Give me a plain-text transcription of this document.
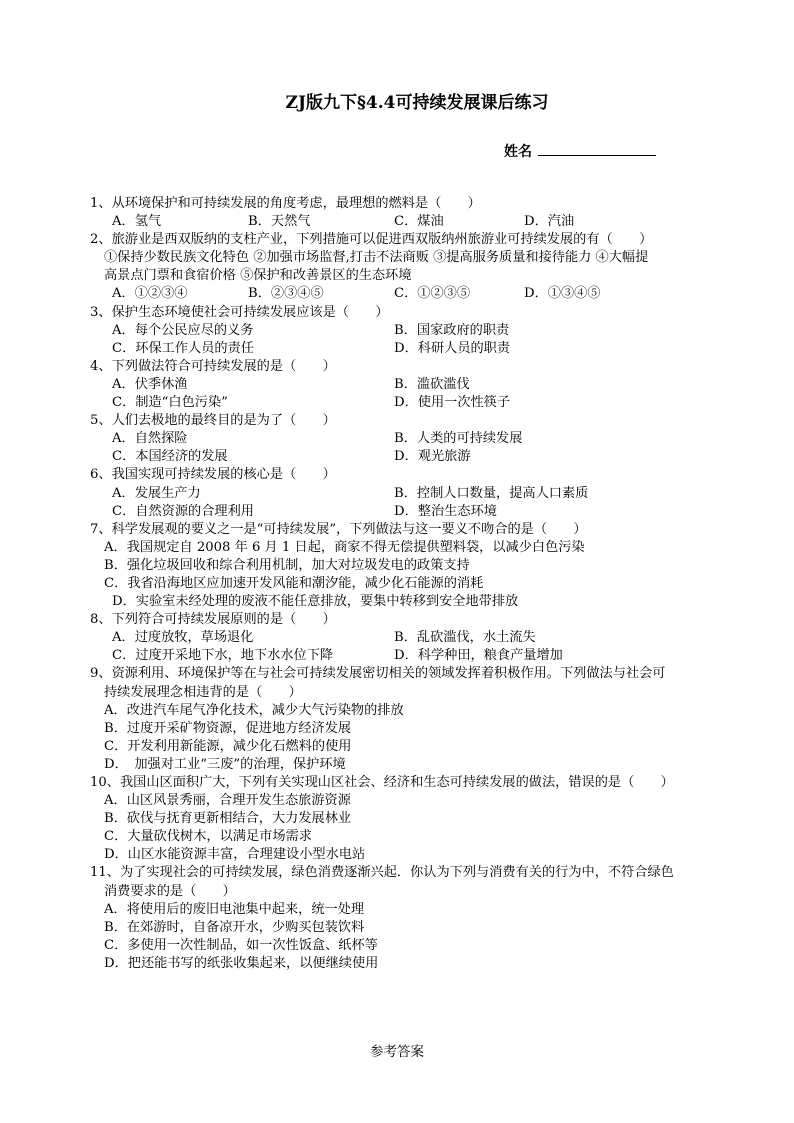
ZJ版九下§4.4可持续发展课后练习
姓名
1、从环境保护和可持续发展的角度考虑，最理想的燃料是（　　）
A．氢气	B．天然气	C．煤油	D．汽油
2、旅游业是西双版纳的支柱产业，下列措施可以促进西双版纳州旅游业可持续发展的有（　　）
①保持少数民族文化特色 ②加强市场监督,打击不法商贩 ③提高服务质量和接待能力 ④大幅提
高景点门票和食宿价格 ⑤保护和改善景区的生态环境
A．①②③④	B．②③④⑤	C．①②③⑤	D．①③④⑤
3、保护生态环境使社会可持续发展应该是（　　）
A．每个公民应尽的义务	B．国家政府的职责
C．环保工作人员的责任	D．科研人员的职责
4、下列做法符合可持续发展的是（　　）
A．伏季休渔	B．滥砍滥伐
C．制造“白色污染”	D．使用一次性筷子
5、人们去极地的最终目的是为了（　　）
A．自然探险	B．人类的可持续发展
C．本国经济的发展	D．观光旅游
6、我国实现可持续发展的核心是（　　）
A．发展生产力	B．控制人口数量，提高人口素质
C．自然资源的合理利用	D．整治生态环境
7、科学发展观的要义之一是“可持续发展”，下列做法与这一要义不吻合的是（　　）
A．我国规定自 2008 年 6 月 1 日起，商家不得无偿提供塑料袋，以减少白色污染
B．强化垃圾回收和综合利用机制，加大对垃圾发电的政策支持
C．我省沿海地区应加速开发风能和潮汐能，减少化石能源的消耗
D．实验室未经处理的废液不能任意排放，要集中转移到安全地带排放
8、下列符合可持续发展原则的是（　　）
A．过度放牧，草场退化	B．乱砍滥伐，水土流失
C．过度开采地下水，地下水水位下降	D．科学种田，粮食产量增加
9、资源利用、环境保护等在与社会可持续发展密切相关的领域发挥着积极作用。下列做法与社会可
持续发展理念相违背的是（　　）
A．改进汽车尾气净化技术，减少大气污染物的排放
B．过度开采矿物资源，促进地方经济发展
C．开发利用新能源，减少化石燃料的使用
D．　加强对工业“三废”的治理，保护环境
10、我国山区面积广大，下列有关实现山区社会、经济和生态可持续发展的做法，错误的是（　　）
A．山区风景秀丽，合理开发生态旅游资源
B．砍伐与抚育更新相结合，大力发展林业
C．大量砍伐树木，以满足市场需求
D．山区水能资源丰富，合理建设小型水电站
11、为了实现社会的可持续发展，绿色消费逐渐兴起．你认为下列与消费有关的行为中，不符合绿色
消费要求的是（　　）
A．将使用后的废旧电池集中起来，统一处理
B．在郊游时，自备凉开水，少购买包装饮料
C．多使用一次性制品，如一次性饭盒、纸杯等
D．把还能书写的纸张收集起来，以便继续使用
参考答案
